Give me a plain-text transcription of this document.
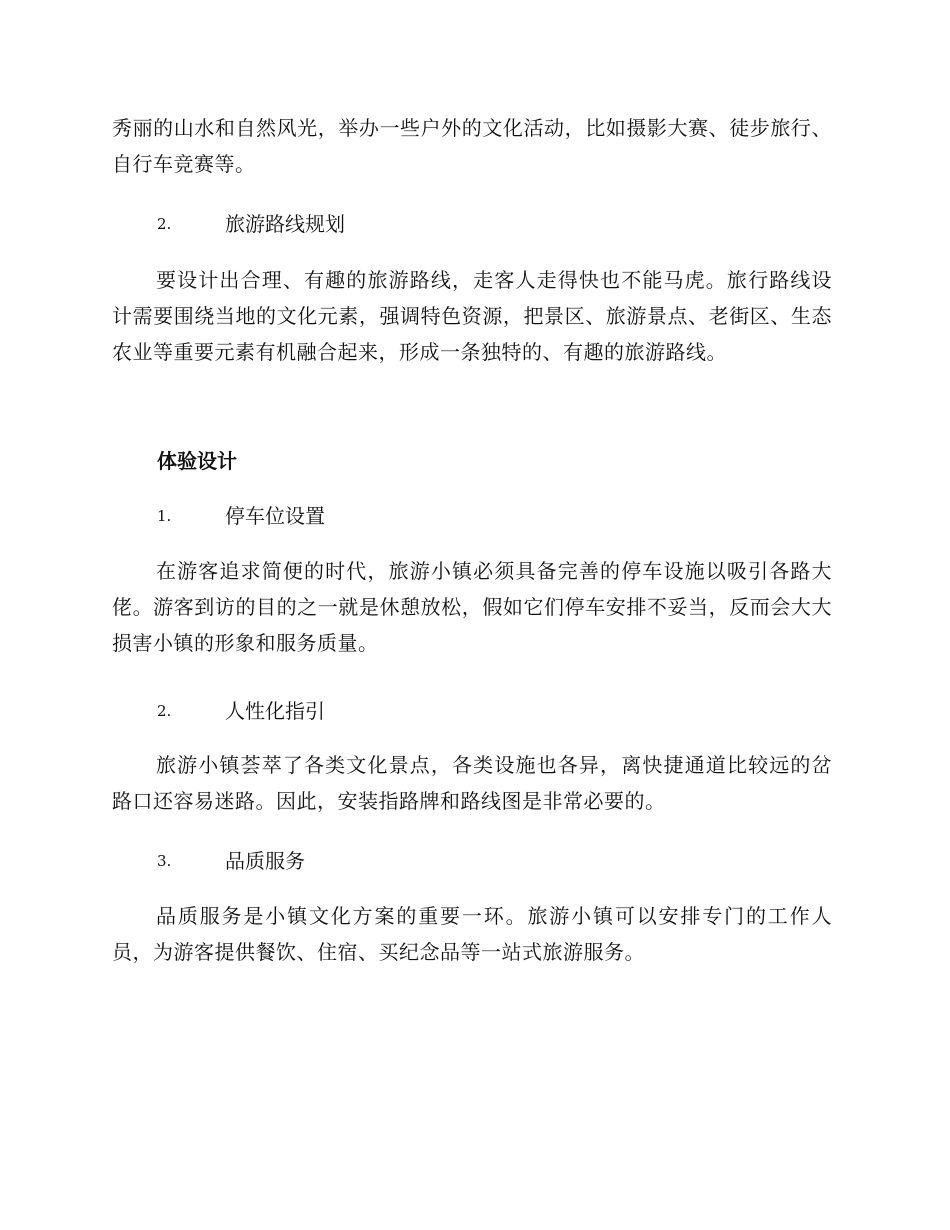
秀丽的山水和自然风光，举办一些户外的文化活动，比如摄影大赛、徒步旅行、自行车竞赛等。

2.	旅游路线规划

要设计出合理、有趣的旅游路线，走客人走得快也不能马虎。旅行路线设计需要围绕当地的文化元素，强调特色资源，把景区、旅游景点、老街区、生态农业等重要元素有机融合起来，形成一条独特的、有趣的旅游路线。

体验设计
1.	停车位设置

在游客追求简便的时代，旅游小镇必须具备完善的停车设施以吸引各路大佬。游客到访的目的之一就是休憩放松，假如它们停车安排不妥当，反而会大大损害小镇的形象和服务质量。

2.	人性化指引

旅游小镇荟萃了各类文化景点，各类设施也各异，离快捷通道比较远的岔路口还容易迷路。因此，安装指路牌和路线图是非常必要的。

3.	品质服务

品质服务是小镇文化方案的重要一环。旅游小镇可以安排专门的工作人员，为游客提供餐饮、住宿、买纪念品等一站式旅游服务。
